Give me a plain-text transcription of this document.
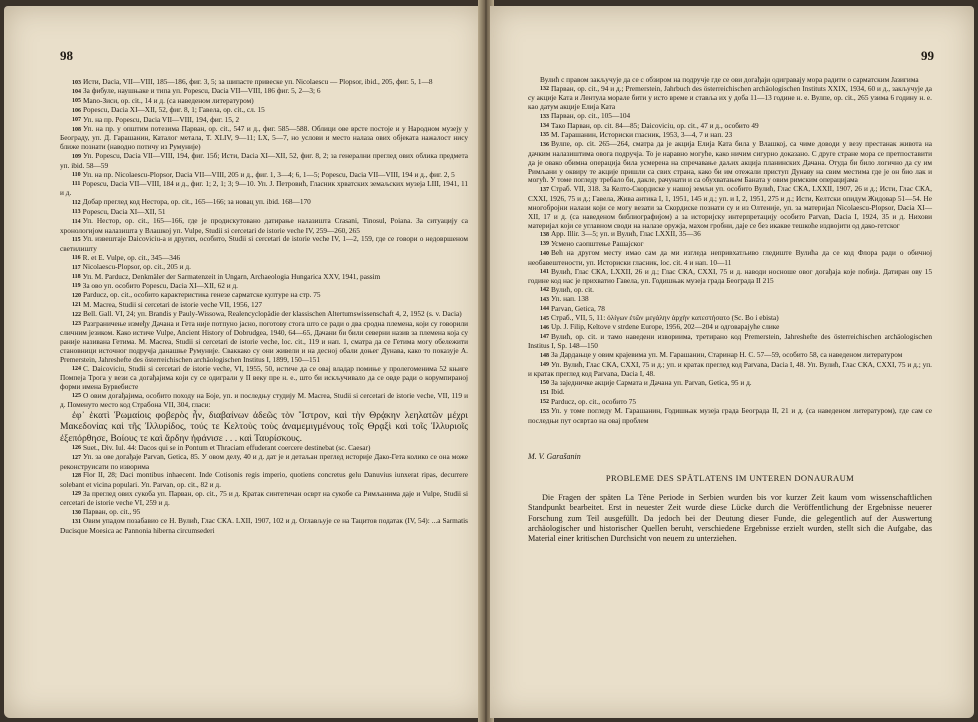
98

103 Исти, Dacia, VII—VIII, 185—186, фиг. 3, 5; за шипасте привеске уп. Nicolaescu — Plopsor, ibid., 205, фиг. 5, 1—8

104 За фибуле, наушњаке и типа уп. Popescu, Dacia VII—VIII, 186 фиг. 5, 2—3; 6

105 Mano-Зиси, op. cit., 14 и д. (са наведеном литературом)

106 Popescu, Dacia XI—XII, 52, фиг. 8, 1; Гавела, op. cit., сл. 15

107 Уп. на пр. Popescu, Dacia VII—VIII, 194, фиг. 15, 2

108 Уп. на пр. у општим потезима Парван, op. cit., 547 и д., фиг. 585—588. Облици ове врсте постоје и у Народном музеју у Београду, уп. Д. Гарашанин, Каталог метала, T. XLIV, 9—11; LX, 5—7, но услови и место налаза ових објеката нажалост нису ближе познати (наводно потичу из Румуније)

109 Уп. Popescu, Dacia VII—VIII, 194, фиг. 15б; Исти, Dacia XI—XII, 52, фиг. 8, 2; за генерални преглед ових облика предмета уп. ibid. 58—59

110 Уп. на пр. Nicolaescu-Plopsor, Dacia VII—VIII, 205 и д., фиг. 1, 3—4; 6, 1—5; Popescu, Dacia VII—VIII, 194 и д., фиг. 2, 5

111 Popescu, Dacia VII—VIII, 184 и д., фиг. 1; 2, 1; 3; 9—10. Уп. J. Петровић, Гласник хрватских земаљских музеја LIII, 1941, 11 и д.

112 Добар преглед код Нестора, op. cit., 165—166; за новац уп. ibid. 168—170

113 Popescu, Dacia XI—XII, 51

114 Уп. Нестор, op. cit., 165—166, где је продискутовано датирање налазишта Crasani, Tinosul, Poiana. За ситуацију са хронологијом налазишта у Влашкој уп. Vulpe, Studii si cercetari de istorie veche IV, 259—260, 265

115 Уп. извештаје Daicoviciu-а и других, особито, Studii si cercetari de istorie veche IV, 1—2, 159, где се говори о недовршеном светилишту

116 R. et E. Vulpe, op. cit., 345—346

117 Nicolaescu-Plopsor, op. cit., 205 и д.

118 Уп. M. Parducz, Denkmäler der Sarmatenzeit in Ungarn, Archaeologia Hungarica XXV, 1941, passim

119 За ово уп. особито Popescu, Dacia XI—XII, 62 и д.

120 Parducz, op. cit., особито карактеристика генезе сарматске културе на стр. 75

121 M. Macrea, Studii si cercetari de istorie veche VII, 1956, 127

122 Bell. Gall. VI, 24; уп. Brandis у Pauly-Wissowa, Realencyclopädie der klassischen Altertumswissenschaft 4, 2, 1952 (s. v. Dacia)

123 Разграничење између Дачана и Гета није потпуно јасно, поготову стога што се ради о два сродна племена, који су говорили сличним језиком. Како истиче Vulpe, Ancient History of Dobrudgea, 1940, 64—65, Дачани би били северни назив за племена која су раније називана Гетима. M. Macrea, Studii si cercetari de istorie veche, loc. cit., 119 и нап. 1, сматра да се Гетима могу обележити становници источног подручја данашње Румуније. Сваккако су они живели и на десној обали доњег Дунава, како то показује A. Premerstein, Jahreshefte des österreichischen archäologischen Institus I, 1899, 150—151

124 C. Daicoviciu, Studii si cercetari de istorie veche, VI, 1955, 50, истиче да се овај владар помиње у пролегоменима 52 књиге Помпеја Трога у вези са догађајима који су се одиграли у II веку пре н. е., што би искључивало да се овде ради о корумпираној форми имена Бурвебисте

125 О овим догађајима, особито походу на Боје, уп. и последњу студију M. Macrea, Studii si cercetari de istorie veche, VII, 119 и д. Поменуто место код Страбона VII, 304, гласи:

ἐφ᾽ ἑκατὶ Ῥωμαίοις φοβερὸς ἦν, διαβαίνων ἀδεῶς τὸν Ἴστρον, καὶ τὴν Θρᾴκην λεηλατῶν μέχρι Μακεδονίας καὶ τῆς Ἰλλυρίδος, τούς τε Κελτοὺς τοὺς ἀναμεμιγμένους τοῖς Θρᾳξὶ καὶ τοῖς Ἰλλυριοῖς ἐξεπόρθησε, Βοίους τε καὶ ἄρδην ἠφάνισε . . . καὶ Ταυρίσκους.

126 Suet., Div. Iul. 44: Dacos qui se in Pontum et Thraciam effuderant coercere destinebat (sc. Caesar)

127 Уп. за ове догађаје Parvan, Getica, 85. У овом делу, 40 и д. дат је и детаљан преглед историје Дако-Гета колико се она може реконструисати по изворима

128 Flor II, 28; Daci montibus inhaecent. Inde Cotisonis regis imperio, quotiens concretus gelu Danuvius iunxerat ripas, decurrere solebant et vicina populari. Уп. Parvan, op. cit., 82 и д.

129 За преглед ових сукоба уп. Парван, op. cit., 75 и д. Кратак синтетичан осврт на сукобе са Римљанима даје и Vulpe, Studii si cercetari de istorie veche VI, 259 и д.

130 Парван, op. cit., 95

131 Овим упадом позабавио се Н. Вулић, Глас СКА. LXII, 1907, 102 и д. Оглављује се на Тацитов податак (IV, 54): ...a Sarmatis Ducisque Moesica ac Pannonia hiberna circumsederi

99

Вулић с правом закључује да се с обзиром на подручје где се ови догађаји одигравају мора радити о сарматским Јазигима

132 Парван, op. cit., 94 и д.; Premerstein, Jahrbuch des österreichischen archäologischen Instituts XXIX, 1934, 60 и д., закључује да су акције Ката и Лентула морале бити у исто време и ставља их у доба 11—13 године н. е. Вулпе, op. cit., 265 узима 6 годину н. е. као датум акције Елија Ката

133 Парван, op. cit., 105—104

134 Тако Парван, op. cit. 84—85; Daicoviciu, op. cit., 47 и д., особито 49

135 M. Гарашанин, Историски гласник, 1953, 3—4, 7 и нап. 23

136 Вулпе, op. cit. 265—264, сматра да је акција Елија Ката била у Влашкој, са чиме доводи у везу престанак живота на дачким налазиштима овога подручја. То је наравно могуће, како ничим сигурно доказано. С друге стране мора се претпоставити да је овако обимна операција била усмерена на спречавање даљих акција планинских Дачана. Отуда би било логично да су им Римљани у оквиру те акције пришли са свих страна, како би им отежали приступ Дунаву на свим местима где је он био лак и могућ. У томе погледу требало би, дакле, рачунати и са обухватањем Баната у овим римским операцијама

137 Страб. VII, 318. За Келто-Скордиске у нашој земљи уп. особито Вулић, Глас СКА, LXXII, 1907, 26 и д.; Исти, Глас СКА, CXXI, 1926, 75 и д.; Гавела, Живa антика I, 1, 1951, 145 и д.; уп. и I, 2, 1951, 275 и д.; Исти, Келтски опидум Жидовар 51—54. Не многобројни налази који се могу везати за Скордиске познати су и из Олтеније, уп. за материјал Nicolaescu-Plopsor, Dacia XI—XII, 17 и д. (са наведеном библиографијом) а за историјску интерпретацију особито Parvan, Dacia I, 1924, 35 и д. Нихови материјал који се углавном своди на налазе оружја, махом гробни, даје се без икакве тешкоће издвојити од дако-гетског

138 Арр. Illir. 3—5; уп. и Вулић, Глас LXXII, 35—36

139 Усмено саопштење Рашајског

140 Већ на другом месту имао сам да ми изгледа непривхатљиво гледиште Вулића да се код Флора ради о обичној необавештености, уп. Историски гласник, loc. cit. 4 и нап. 10—11

141 Вулић, Глас СКА, LXXII, 26 и д.; Глас СКА, CXXI, 75 и д. наводи носноше овог догађаја које побија. Датиран ову 15 године код нас је прихватио Гавела, уп. Годишњак музеја града Београда II 215

142 Вулић, op. cit.

143 Уп. нап. 138

144 Parvan, Getica, 78

145 Страб., VII, 5, 11: ὀλίγων ἐτῶν μεγάλην ἀρχὴν κατεστήσατο (Sc. Bo i ebista)

146 Up. J. Filip, Keltove v strdene Europe, 1956, 202—204 и одговарајуће слике

147 Вулић, op. cit. и тамо наведени извориима, третирано код Premerstein, Jahreshefte des österreichischen archäologischen Institus I, Sp. 148—150

148 За Дардањце у овим крајевима уп. M. Гарашанин, Старинар Н. С. 57—59, особито 58, са наведеном литературом

149 Уп. Вулић, Глас СКА, CXXI, 75 и д.; уп. и кратак преглед код Parvana, Dacia I, 48. Уп. Вулић, Глас СКА, CXXI, 75 и д.; уп. и кратак преглед код Parvana, Dacia I, 48.

150 За заједничке акције Сармата и Дачана уп. Parvan, Getica, 95 и д.

151 Ibid.

152 Parducz, op. cit., особито 75

153 Уп. у томе погледу M. Гарашанин, Годишњак музеја града Београда II, 21 и д. (са наведеном литературом), где сам се последњи пут освртао на овај проблем

M. V. Garašanin
PROBLEME DES SPÄTLATENS IM UNTEREN DONAURAUM

Die Fragen der späten La Tène Periode in Serbien wurden bis vor kurzer Zeit kaum vom wissenschaftlichen Standpunkt bearbeitet. Erst in neuester Zeit wurde diese Lücke durch die Veröffentlichung der Ergebnisse neuerer Forschung zum Teil ausgefüllt. Da jedoch bei der Deutung dieser Funde, die gelegentlich auf der Auswertung archäologischer und historischer Quellen beruht, verschiedene Ergebnisse erzielt wurden, stellt sich die Aufgabe, das Material einer kritischen Durchsicht von neuem zu unterziehen.
